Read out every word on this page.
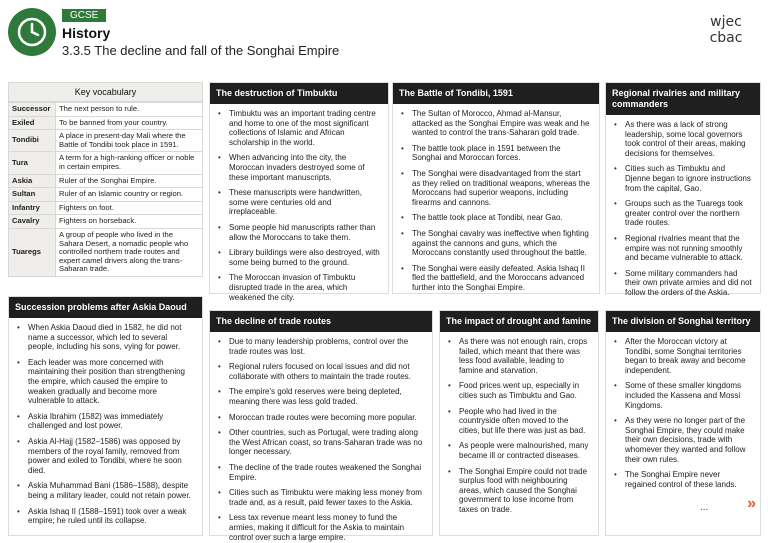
GCSE
History
3.3.5 The decline and fall of the Songhai Empire
wjec
cbac
Key vocabulary
Successor	The next person to rule.
Exiled	To be banned from your country.
Tondibi	A place in present-day Mali where the Battle of Tondibi took place in 1591.
Tura	A term for a high-ranking officer or noble in certain empires.
Askia	Ruler of the Songhai Empire.
Sultan	Ruler of an Islamic country or region.
Infantry	Fighters on foot.
Cavalry	Fighters on horseback.
Tuaregs	A group of people who lived in the Sahara Desert, a nomadic people who controlled northern trade routes and expert camel drivers along the trans-Saharan trade.
The destruction of Timbuktu
• Timbuktu was an important trading centre and home to one of the most significant collections of Islamic and African scholarship in the world.
• When advancing into the city, the Moroccan invaders destroyed some of these important manuscripts.
• These manuscripts were handwritten, some were centuries old and irreplaceable.
• Some people hid manuscripts rather than allow the Moroccans to take them.
• Library buildings were also destroyed, with some being burned to the ground.
• The Moroccan invasion of Timbuktu disrupted trade in the area, which weakened the city.
The Battle of Tondibi, 1591
• The Sultan of Morocco, Ahmad al-Mansur, attacked as the Songhai Empire was weak and he wanted to control the trans-Saharan gold trade.
• The battle took place in 1591 between the Songhai and Moroccan forces.
• The Songhai were disadvantaged from the start as they relied on traditional weapons, whereas the Moroccans had superior weapons, including firearms and cannons.
• The battle took place at Tondibi, near Gao.
• The Songhai cavalry was ineffective when fighting against the cannons and guns, which the Moroccans constantly used throughout the battle.
• The Songhai were easily defeated. Askia Ishaq II fled the battlefield, and the Moroccans advanced further into the Songhai Empire.
Regional rivalries and military commanders
• As there was a lack of strong leadership, some local governors took control of their areas, making decisions for themselves.
• Cities such as Timbuktu and Djenne began to ignore instructions from the capital, Gao.
• Groups such as the Tuaregs took greater control over the northern trade routes.
• Regional rivalries meant that the empire was not running smoothly and became vulnerable to attack.
• Some military commanders had their own private armies and did not follow the orders of the Askia.
Succession problems after Askia Daoud
• When Askia Daoud died in 1582, he did not name a successor, which led to several people, including his sons, vying for power.
• Each leader was more concerned with maintaining their position than strengthening the empire, which caused the empire to weaken gradually and become more vulnerable to attack.
• Askia Ibrahim (1582) was immediately challenged and lost power.
• Askia Al-Hajj (1582–1586) was opposed by members of the royal family, removed from power and exiled to Tondibi, where he soon died.
• Askia Muhammad Bani (1586–1588), despite being a military leader, could not retain power.
• Askia Ishaq II (1588–1591) took over a weak empire; he ruled until its collapse.
The decline of trade routes
• Due to many leadership problems, control over the trade routes was lost.
• Regional rulers focused on local issues and did not collaborate with others to maintain the trade routes.
• The empire's gold reserves were being depleted, meaning there was less gold traded.
• Moroccan trade routes were becoming more popular.
• Other countries, such as Portugal, were trading along the West African coast, so trans-Saharan trade was no longer necessary.
• The decline of the trade routes weakened the Songhai Empire.
• Cities such as Timbuktu were making less money from trade and, as a result, paid fewer taxes to the Askia.
• Less tax revenue meant less money to fund the armies, making it difficult for the Askia to maintain control over such a large empire.
The impact of drought and famine
• As there was not enough rain, crops failed, which meant that there was less food available, leading to famine and starvation.
• Food prices went up, especially in cities such as Timbuktu and Gao.
• People who had lived in the countryside often moved to the cities, but life there was just as bad.
• As people were malnourished, many became ill or contracted diseases.
• The Songhai Empire could not trade surplus food with neighbouring areas, which caused the Songhai government to lose income from taxes on trade.
The division of Songhai territory
• After the Moroccan victory at Tondibi, some Songhai territories began to break away and become independent.
• Some of these smaller kingdoms included the Kassena and Mossi Kingdoms.
• As they were no longer part of the Songhai Empire, they could make their own decisions, trade with whomever they wanted and follow their own rules.
• The Songhai Empire never regained control of these lands.
... »
